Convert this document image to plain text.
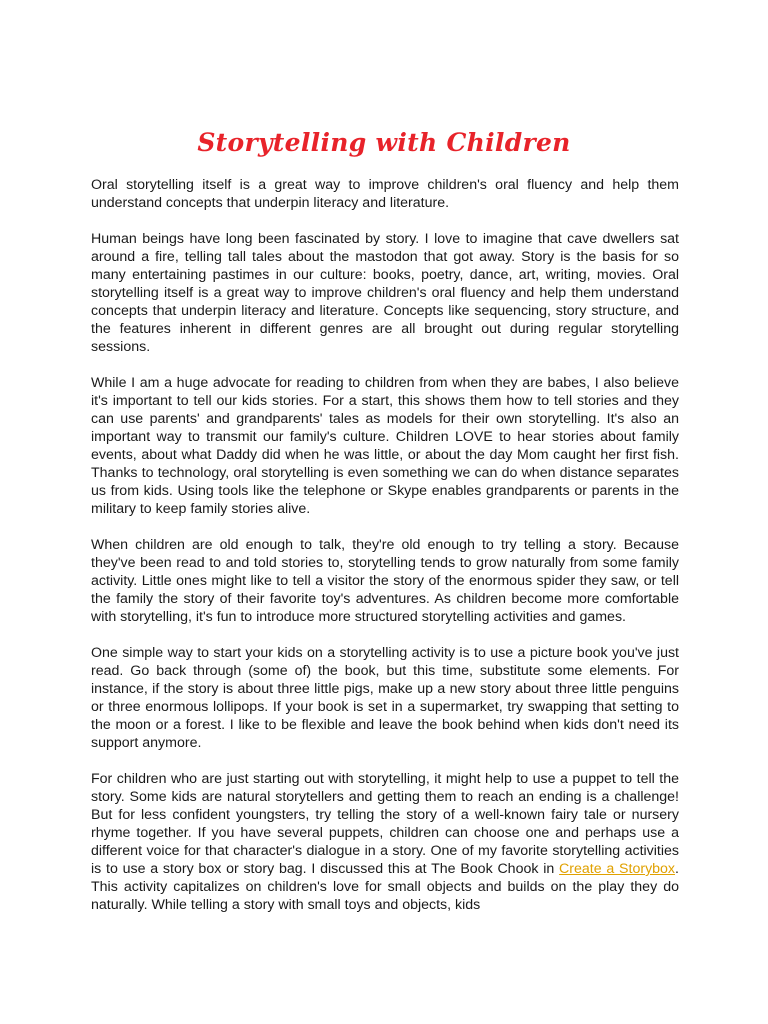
Storytelling with Children

Oral storytelling itself is a great way to improve children's oral fluency and help them understand concepts that underpin literacy and literature.

Human beings have long been fascinated by story. I love to imagine that cave dwellers sat around a fire, telling tall tales about the mastodon that got away. Story is the basis for so many entertaining pastimes in our culture: books, poetry, dance, art, writing, movies. Oral storytelling itself is a great way to improve children's oral fluency and help them understand concepts that underpin literacy and literature. Concepts like sequencing, story structure, and the features inherent in different genres are all brought out during regular storytelling sessions.

While I am a huge advocate for reading to children from when they are babes, I also believe it's important to tell our kids stories. For a start, this shows them how to tell stories and they can use parents' and grandparents' tales as models for their own storytelling. It's also an important way to transmit our family's culture. Children LOVE to hear stories about family events, about what Daddy did when he was little, or about the day Mom caught her first fish. Thanks to technology, oral storytelling is even something we can do when distance separates us from kids. Using tools like the telephone or Skype enables grandparents or parents in the military to keep family stories alive.

When children are old enough to talk, they're old enough to try telling a story. Because they've been read to and told stories to, storytelling tends to grow naturally from some family activity. Little ones might like to tell a visitor the story of the enormous spider they saw, or tell the family the story of their favorite toy's adventures. As children become more comfortable with storytelling, it's fun to introduce more structured storytelling activities and games.

One simple way to start your kids on a storytelling activity is to use a picture book you've just read. Go back through (some of) the book, but this time, substitute some elements. For instance, if the story is about three little pigs, make up a new story about three little penguins or three enormous lollipops. If your book is set in a supermarket, try swapping that setting to the moon or a forest. I like to be flexible and leave the book behind when kids don't need its support anymore.

For children who are just starting out with storytelling, it might help to use a puppet to tell the story. Some kids are natural storytellers and getting them to reach an ending is a challenge! But for less confident youngsters, try telling the story of a well-known fairy tale or nursery rhyme together. If you have several puppets, children can choose one and perhaps use a different voice for that character's dialogue in a story. One of my favorite storytelling activities is to use a story box or story bag. I discussed this at The Book Chook in Create a Storybox. This activity capitalizes on children's love for small objects and builds on the play they do naturally. While telling a story with small toys and objects, kids
